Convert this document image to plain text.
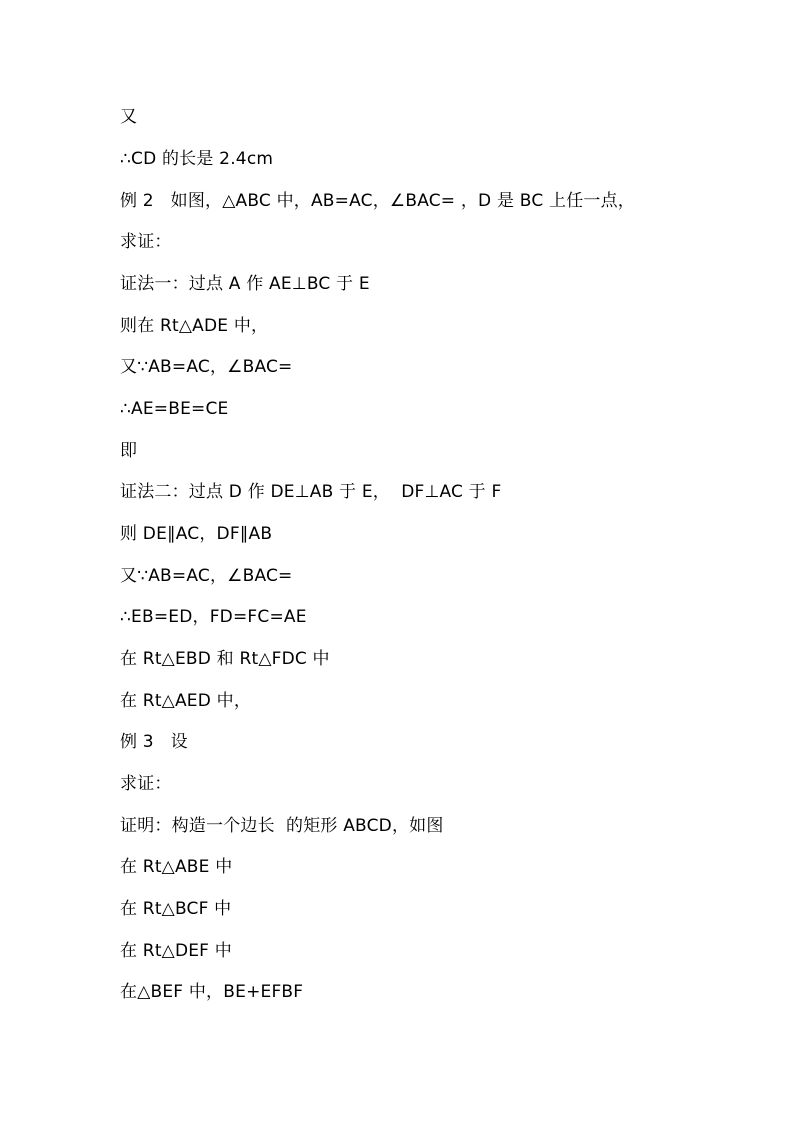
又
∴CD 的长是 2.4cm
例 2   如图，△ABC 中，AB=AC，∠BAC= ，D 是 BC 上任一点，
求证：
证法一：过点 A 作 AE⊥BC 于 E
则在 Rt△ADE 中，
又∵AB=AC，∠BAC=
∴AE=BE=CE
即
证法二：过点 D 作 DE⊥AB 于 E，  DF⊥AC 于 F
则 DE∥AC，DF∥AB
又∵AB=AC，∠BAC=
∴EB=ED，FD=FC=AE
在 Rt△EBD 和 Rt△FDC 中
在 Rt△AED 中，
例 3   设
求证：
证明：构造一个边长  的矩形 ABCD，如图
在 Rt△ABE 中
在 Rt△BCF 中
在 Rt△DEF 中
在△BEF 中，BE+EFBF
